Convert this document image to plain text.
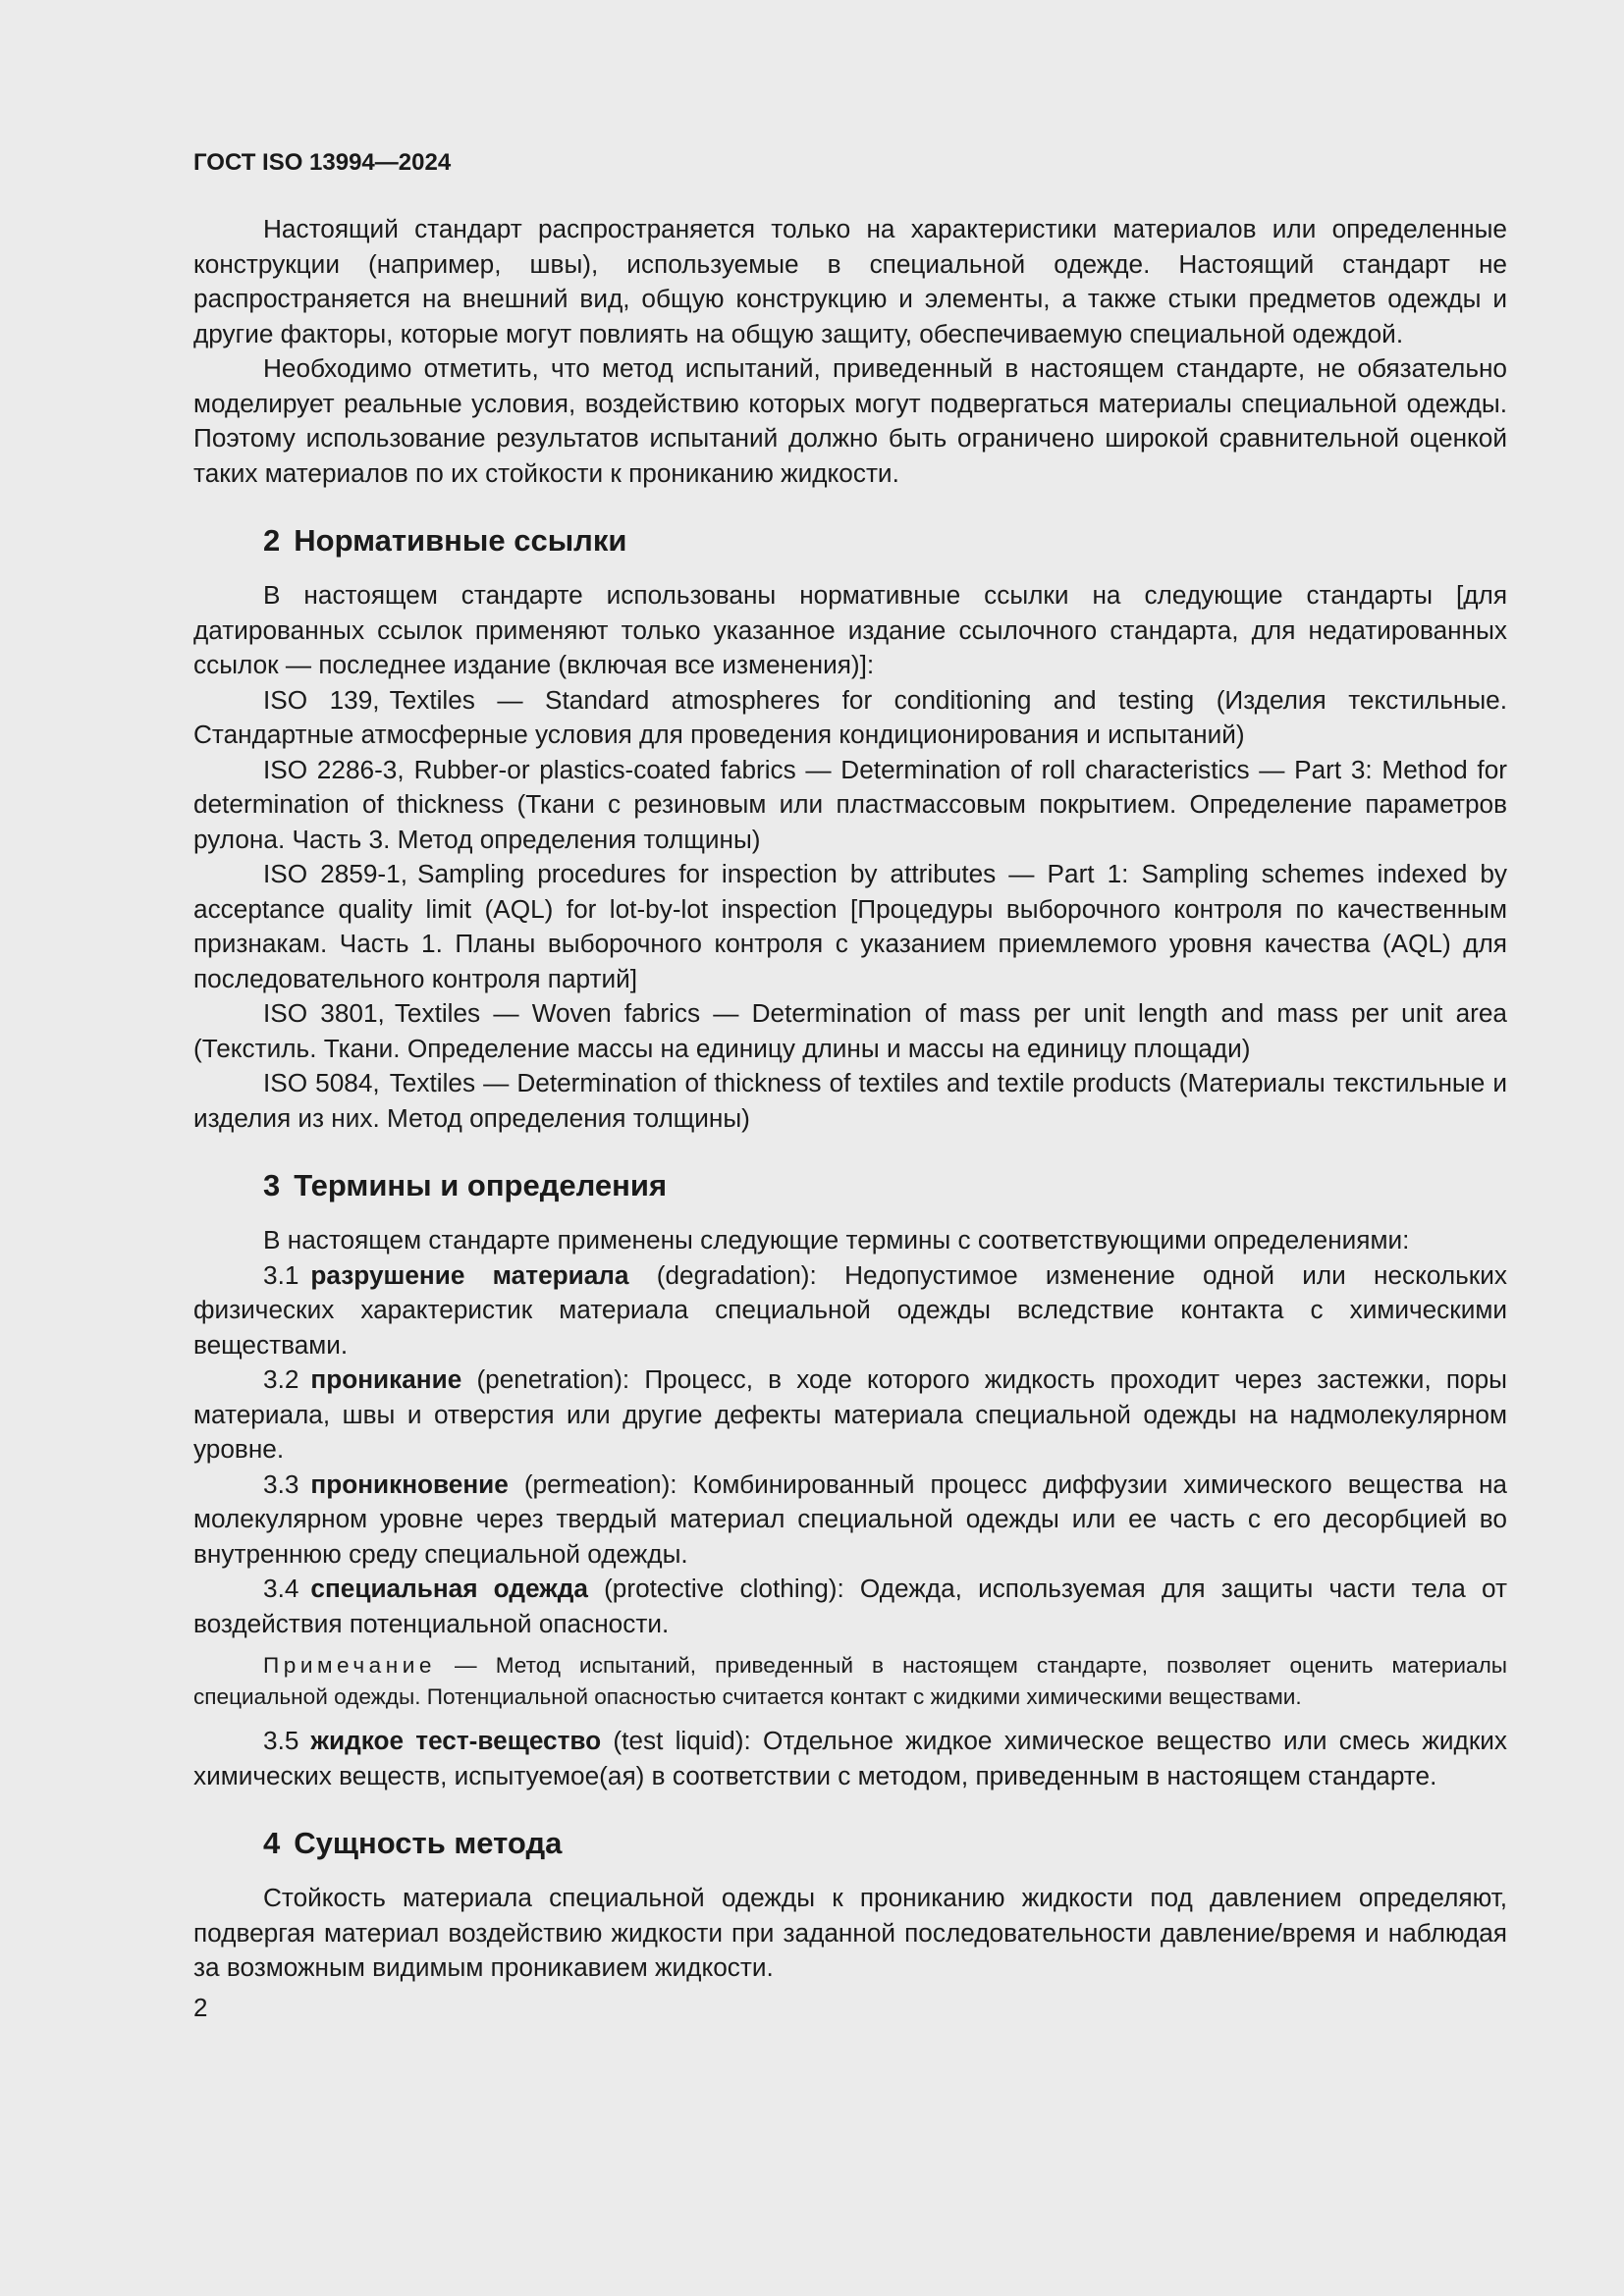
ГОСТ ISO 13994—2024

Настоящий стандарт распространяется только на характеристики материалов или определенные конструкции (например, швы), используемые в специальной одежде. Настоящий стандарт не распространяется на внешний вид, общую конструкцию и элементы, а также стыки предметов одежды и другие факторы, которые могут повлиять на общую защиту, обеспечиваемую специальной одеждой.

Необходимо отметить, что метод испытаний, приведенный в настоящем стандарте, не обязательно моделирует реальные условия, воздействию которых могут подвергаться материалы специальной одежды. Поэтому использование результатов испытаний должно быть ограничено широкой сравнительной оценкой таких материалов по их стойкости к прониканию жидкости.

2 Нормативные ссылки

В настоящем стандарте использованы нормативные ссылки на следующие стандарты [для датированных ссылок применяют только указанное издание ссылочного стандарта, для недатированных ссылок — последнее издание (включая все изменения)]:

ISO 139, Textiles — Standard atmospheres for conditioning and testing (Изделия текстильные. Стандартные атмосферные условия для проведения кондиционирования и испытаний)

ISO 2286-3, Rubber-or plastics-coated fabrics — Determination of roll characteristics — Part 3: Method for determination of thickness (Ткани с резиновым или пластмассовым покрытием. Определение параметров рулона. Часть 3. Метод определения толщины)

ISO 2859-1, Sampling procedures for inspection by attributes — Part 1: Sampling schemes indexed by acceptance quality limit (AQL) for lot-by-lot inspection [Процедуры выборочного контроля по качественным признакам. Часть 1. Планы выборочного контроля с указанием приемлемого уровня качества (AQL) для последовательного контроля партий]

ISO 3801, Textiles — Woven fabrics — Determination of mass per unit length and mass per unit area (Текстиль. Ткани. Определение массы на единицу длины и массы на единицу площади)

ISO 5084, Textiles — Determination of thickness of textiles and textile products (Материалы текстильные и изделия из них. Метод определения толщины)

3 Термины и определения

В настоящем стандарте применены следующие термины с соответствующими определениями:

3.1 разрушение материала (degradation): Недопустимое изменение одной или нескольких физических характеристик материала специальной одежды вследствие контакта с химическими веществами.

3.2 проникание (penetration): Процесс, в ходе которого жидкость проходит через застежки, поры материала, швы и отверстия или другие дефекты материала специальной одежды на надмолекулярном уровне.

3.3 проникновение (permeation): Комбинированный процесс диффузии химического вещества на молекулярном уровне через твердый материал специальной одежды или ее часть с его десорбцией во внутреннюю среду специальной одежды.

3.4 специальная одежда (protective clothing): Одежда, используемая для защиты части тела от воздействия потенциальной опасности.

Примечание — Метод испытаний, приведенный в настоящем стандарте, позволяет оценить материалы специальной одежды. Потенциальной опасностью считается контакт с жидкими химическими веществами.

3.5 жидкое тест-вещество (test liquid): Отдельное жидкое химическое вещество или смесь жидких химических веществ, испытуемое(ая) в соответствии с методом, приведенным в настоящем стандарте.

4 Сущность метода

Стойкость материала специальной одежды к прониканию жидкости под давлением определяют, подвергая материал воздействию жидкости при заданной последовательности давление/время и наблюдая за возможным видимым проникавием жидкости.

2
